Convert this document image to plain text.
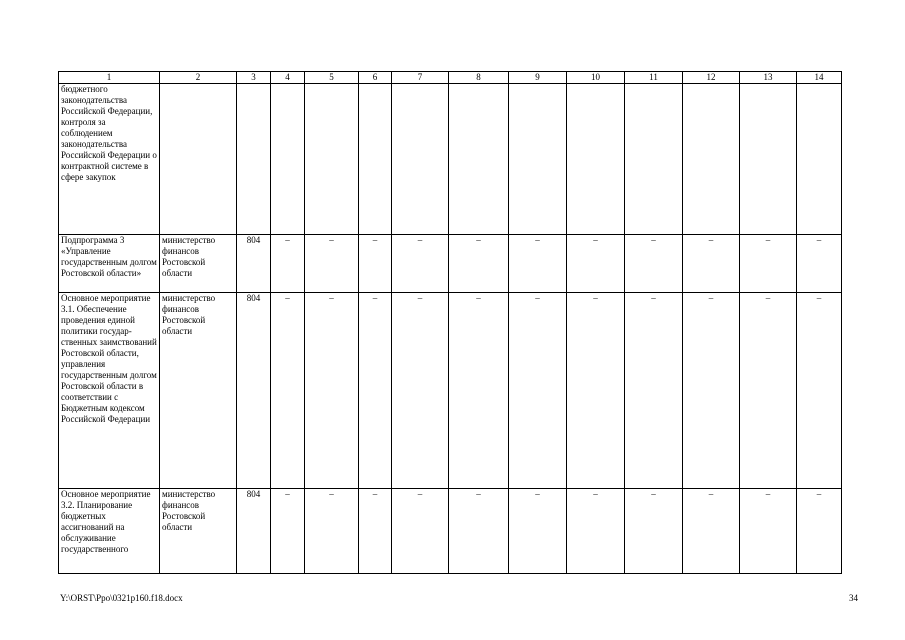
1	2	3	4	5	6	7	8	9	10	11	12	13	14
бюджетного законодательства Российской Федерации, контроля за соблюдением законодательства Российской Федерации о контрактной системе в сфере закупок													
Подпрограмма 3 «Управление государственным долгом Ростовской области»	министерство финансов Ростовской области	804	–	–	–	–	–	–	–	–	–	–	–
Основное мероприятие 3.1. Обеспечение проведения единой политики государственных заимствований Ростовской области, управления государственным долгом Ростовской области в соответствии с Бюджетным кодексом Российской Федерации	министерство финансов Ростовской области	804	–	–	–	–	–	–	–	–	–	–	–
Основное мероприятие 3.2. Планирование бюджетных ассигнований на обслуживание государственного	министерство финансов Ростовской области	804	–	–	–	–	–	–	–	–	–	–	–
Y:\ORST\Ppo\0321p160.f18.docx	34
